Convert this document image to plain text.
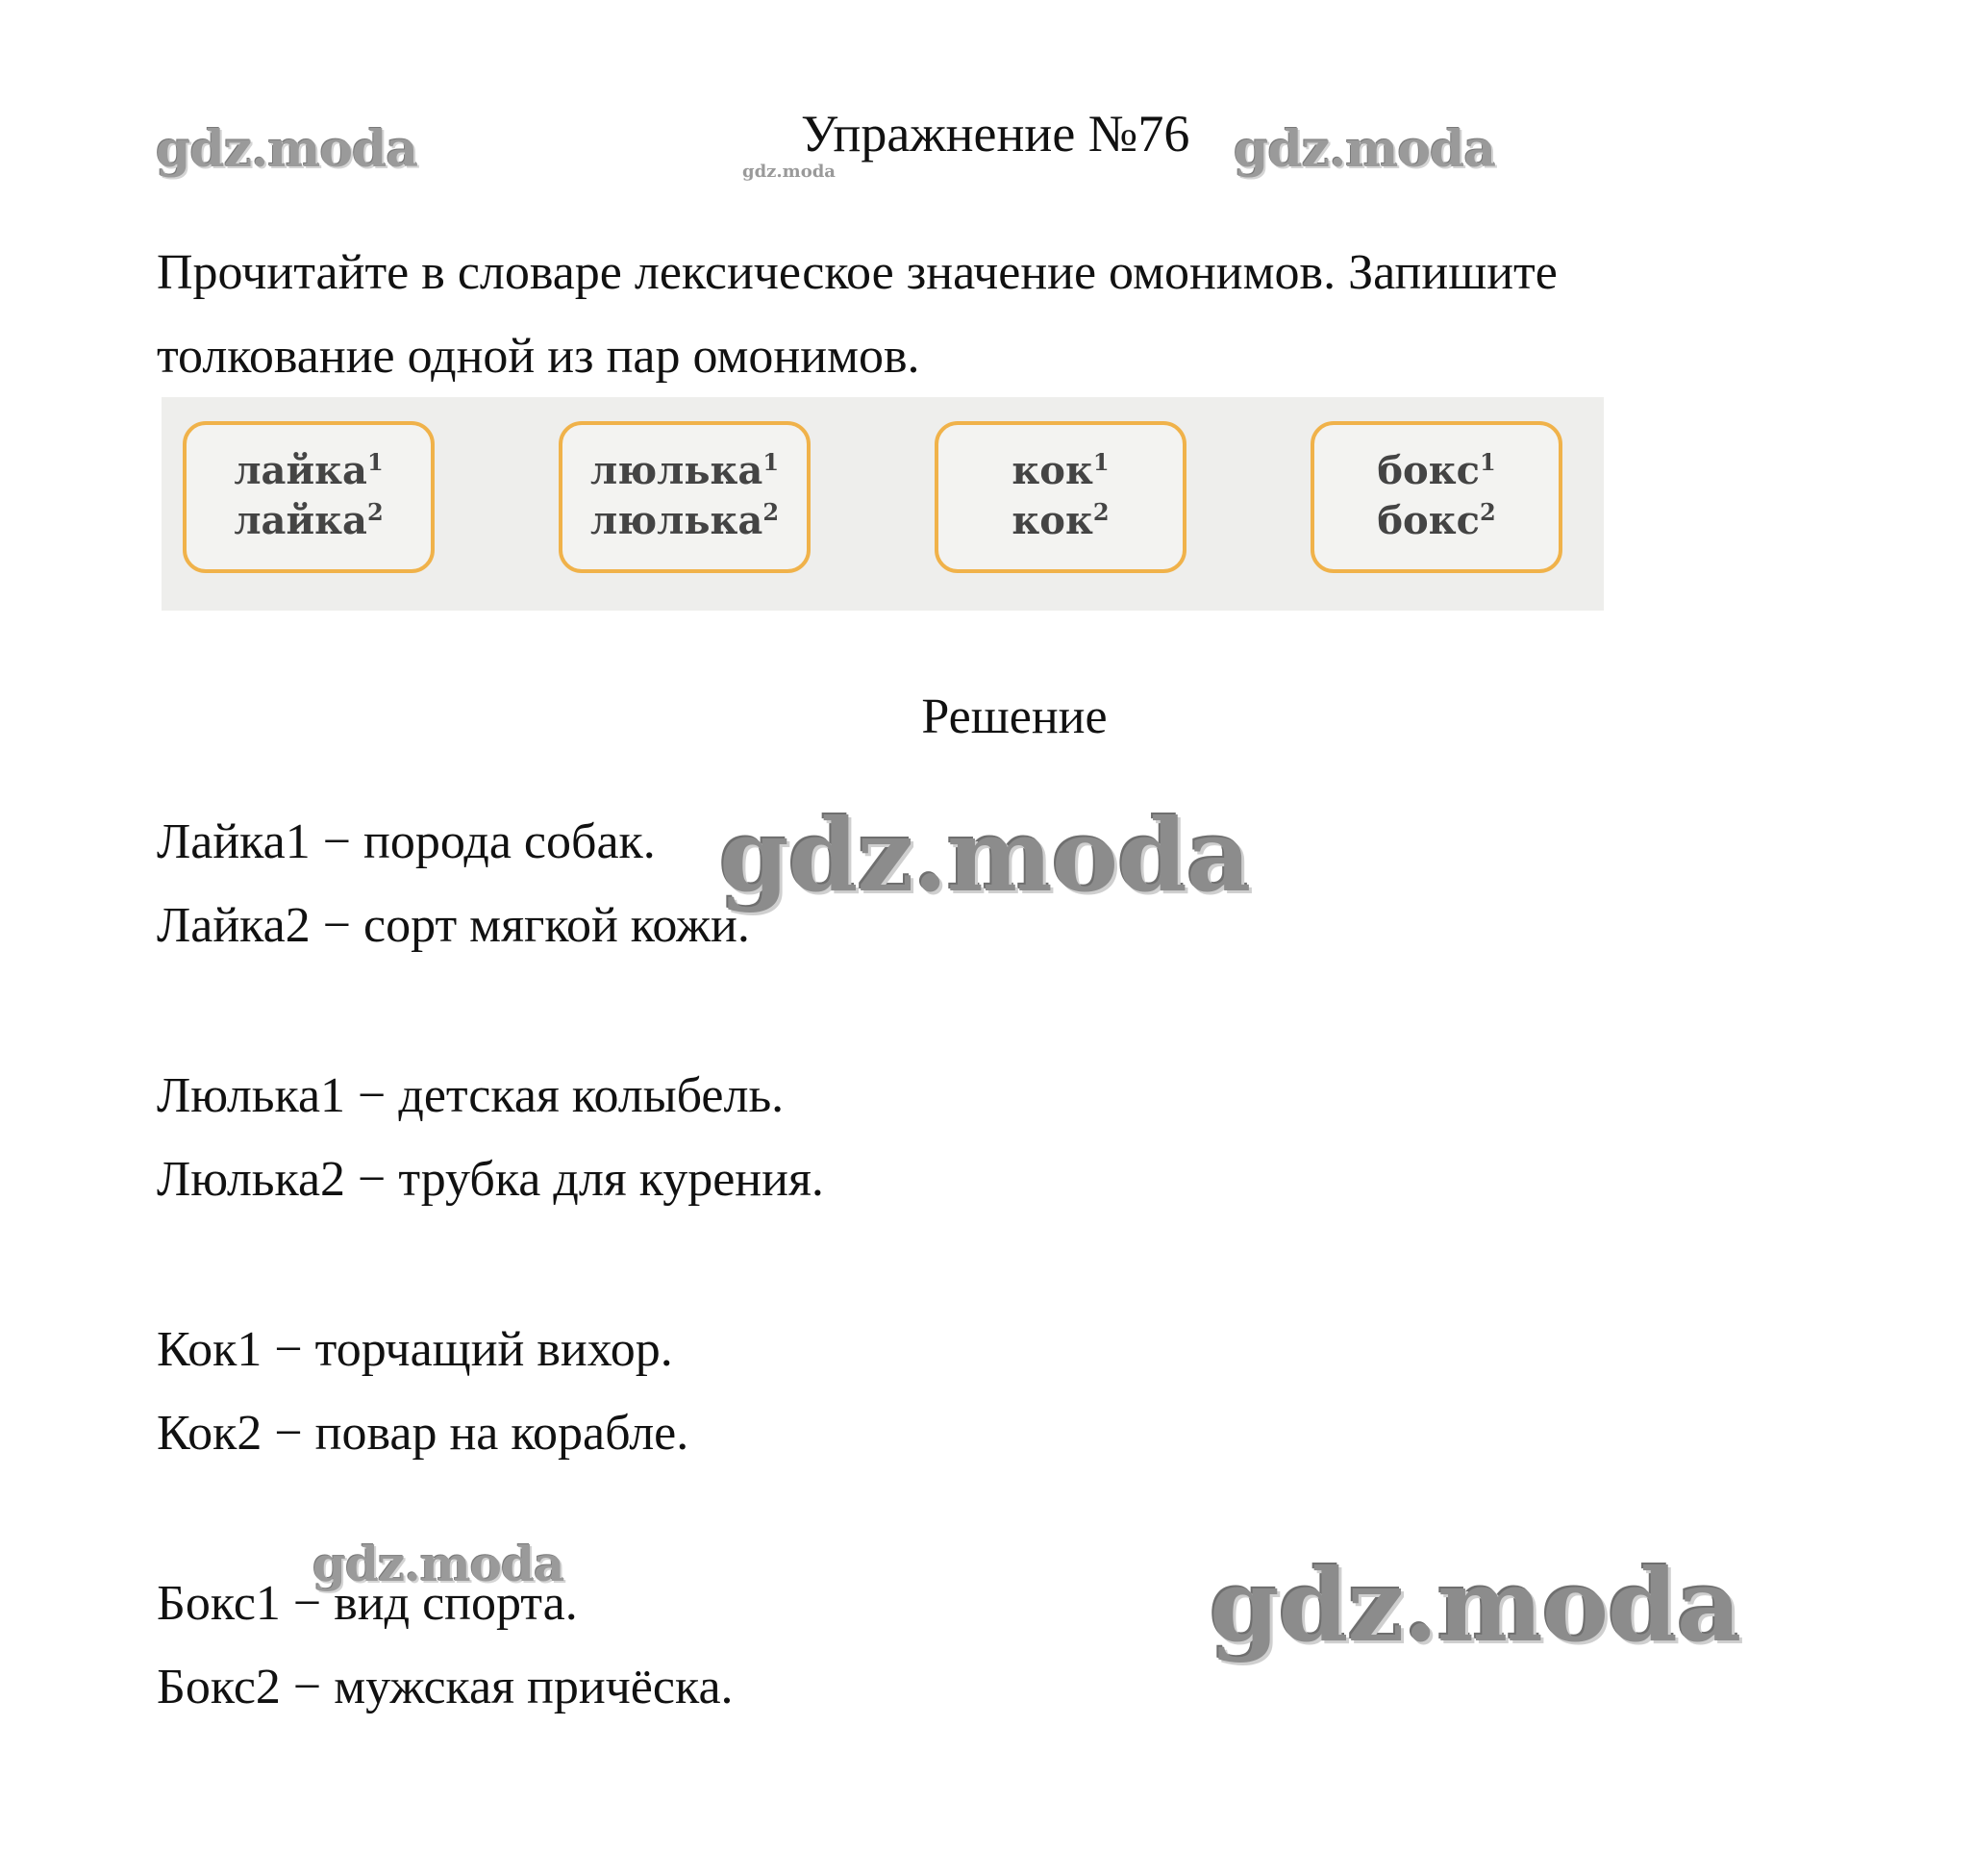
gdz.moda	gdz.moda	gdz.moda
Упражнение №76
Прочитайте в словаре лексическое значение омонимов. Запишите
толкование одной из пар омонимов.
лайка$^1$
лайка$^2$
люлька$^1$
люлька$^2$
кок$^1$
кок$^2$
бокс$^1$
бокс$^2$
Решение
Лайка1 − порода собак.
Лайка2 − сорт мягкой кожи.
Люлька1 − детская колыбель.
Люлька2 − трубка для курения.
Кок1 − торчащий вихор.
Кок2 − повар на корабле.
Бокс1 − вид спорта.
Бокс2 − мужская причёска.
gdz.moda
gdz.moda	gdz.moda
